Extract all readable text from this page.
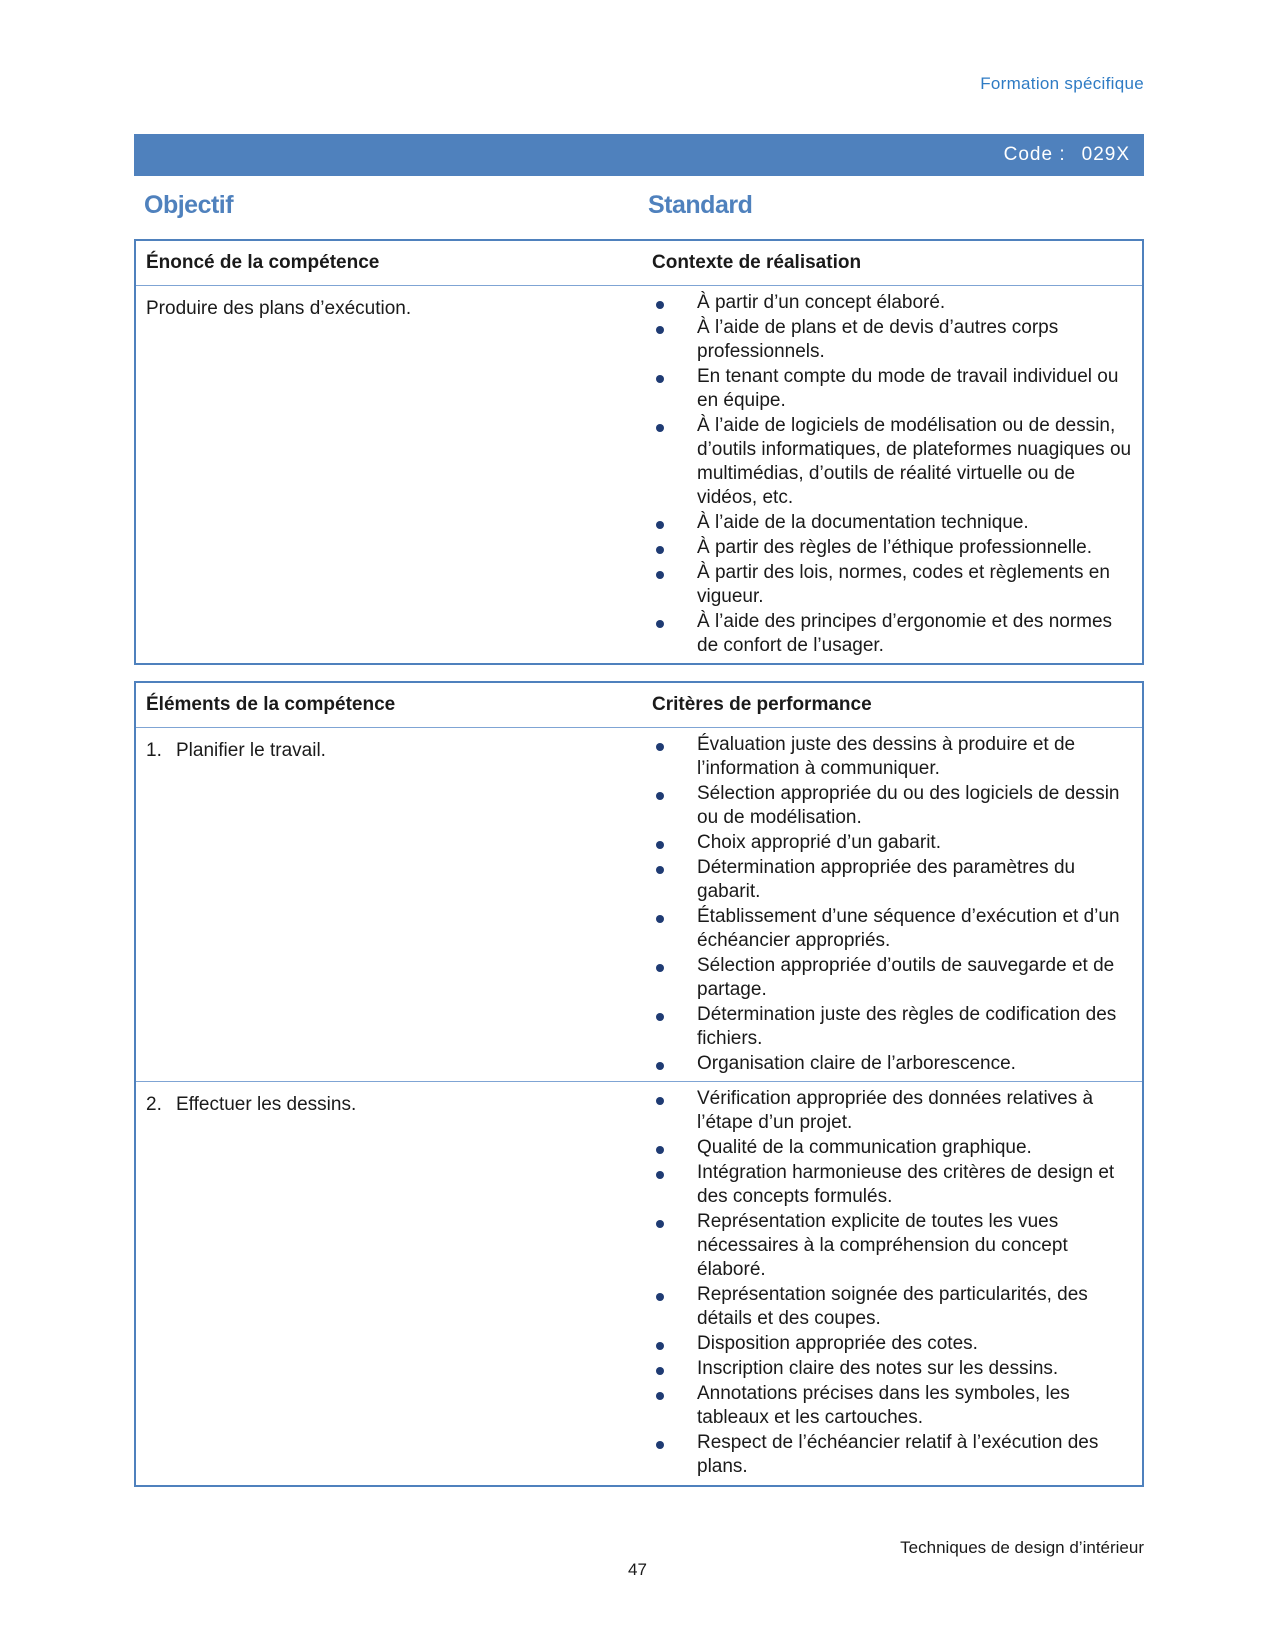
Formation spécifique
Code : 029X
Objectif	Standard
Énoncé de la compétence	Contexte de réalisation
Produire des plans d’exécution.	À partir d’un concept élaboré.
À l’aide de plans et de devis d’autres corps professionnels.
En tenant compte du mode de travail individuel ou en équipe.
À l’aide de logiciels de modélisation ou de dessin, d’outils informatiques, de plateformes nuagiques ou multimédias, d’outils de réalité virtuelle ou de vidéos, etc.
À l’aide de la documentation technique.
À partir des règles de l’éthique professionnelle.
À partir des lois, normes, codes et règlements en vigueur.
À l’aide des principes d’ergonomie et des normes de confort de l’usager.
Éléments de la compétence	Critères de performance
1. Planifier le travail.	Évaluation juste des dessins à produire et de l’information à communiquer.
Sélection appropriée du ou des logiciels de dessin ou de modélisation.
Choix approprié d’un gabarit.
Détermination appropriée des paramètres du gabarit.
Établissement d’une séquence d’exécution et d’un échéancier appropriés.
Sélection appropriée d’outils de sauvegarde et de partage.
Détermination juste des règles de codification des fichiers.
Organisation claire de l’arborescence.
2. Effectuer les dessins.	Vérification appropriée des données relatives à l’étape d’un projet.
Qualité de la communication graphique.
Intégration harmonieuse des critères de design et des concepts formulés.
Représentation explicite de toutes les vues nécessaires à la compréhension du concept élaboré.
Représentation soignée des particularités, des détails et des coupes.
Disposition appropriée des cotes.
Inscription claire des notes sur les dessins.
Annotations précises dans les symboles, les tableaux et les cartouches.
Respect de l’échéancier relatif à l’exécution des plans.
Techniques de design d’intérieur
47
